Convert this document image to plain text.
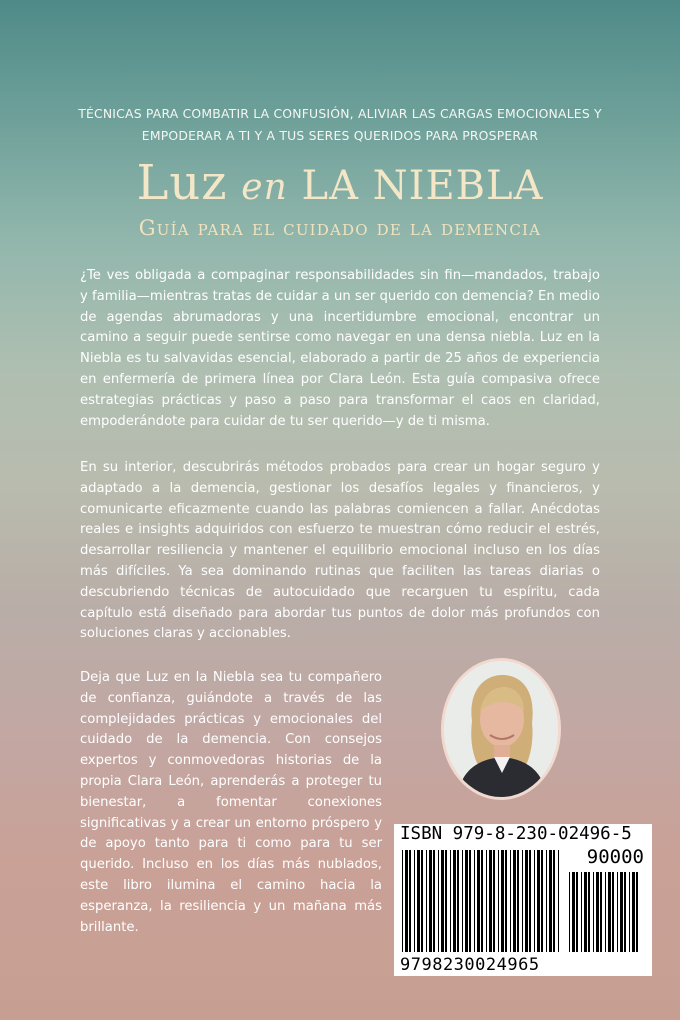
TÉCNICAS PARA COMBATIR LA CONFUSIÓN, ALIVIAR LAS CARGAS EMOCIONALES Y EMPODERAR A TI Y A TUS SERES QUERIDOS PARA PROSPERAR
Luz en LA NIEBLA
Guía para el cuidado de la demencia

¿Te ves obligada a compaginar responsabilidades sin fin—mandados, trabajo y familia—mientras tratas de cuidar a un ser querido con demencia? En medio de agendas abrumadoras y una incertidumbre emocional, encontrar un camino a seguir puede sentirse como navegar en una densa niebla. Luz en la Niebla es tu salvavidas esencial, elaborado a partir de 25 años de experiencia en enfermería de primera línea por Clara León. Esta guía compasiva ofrece estrategias prácticas y paso a paso para transformar el caos en claridad, empoderándote para cuidar de tu ser querido—y de ti misma.

En su interior, descubrirás métodos probados para crear un hogar seguro y adaptado a la demencia, gestionar los desafíos legales y financieros, y comunicarte eficazmente cuando las palabras comiencen a fallar. Anécdotas reales e insights adquiridos con esfuerzo te muestran cómo reducir el estrés, desarrollar resiliencia y mantener el equilibrio emocional incluso en los días más difíciles. Ya sea dominando rutinas que faciliten las tareas diarias o descubriendo técnicas de autocuidado que recarguen tu espíritu, cada capítulo está diseñado para abordar tus puntos de dolor más profundos con soluciones claras y accionables.

Deja que Luz en la Niebla sea tu compañero de confianza, guiándote a través de las complejidades prácticas y emocionales del cuidado de la demencia. Con consejos expertos y conmovedoras historias de la propia Clara León, aprenderás a proteger tu bienestar, a fomentar conexiones significativas y a crear un entorno próspero y de apoyo tanto para ti como para tu ser querido. Incluso en los días más nublados, este libro ilumina el camino hacia la esperanza, la resiliencia y un mañana más brillante.

ISBN 979-8-230-02496-5
90000
9798230024965
